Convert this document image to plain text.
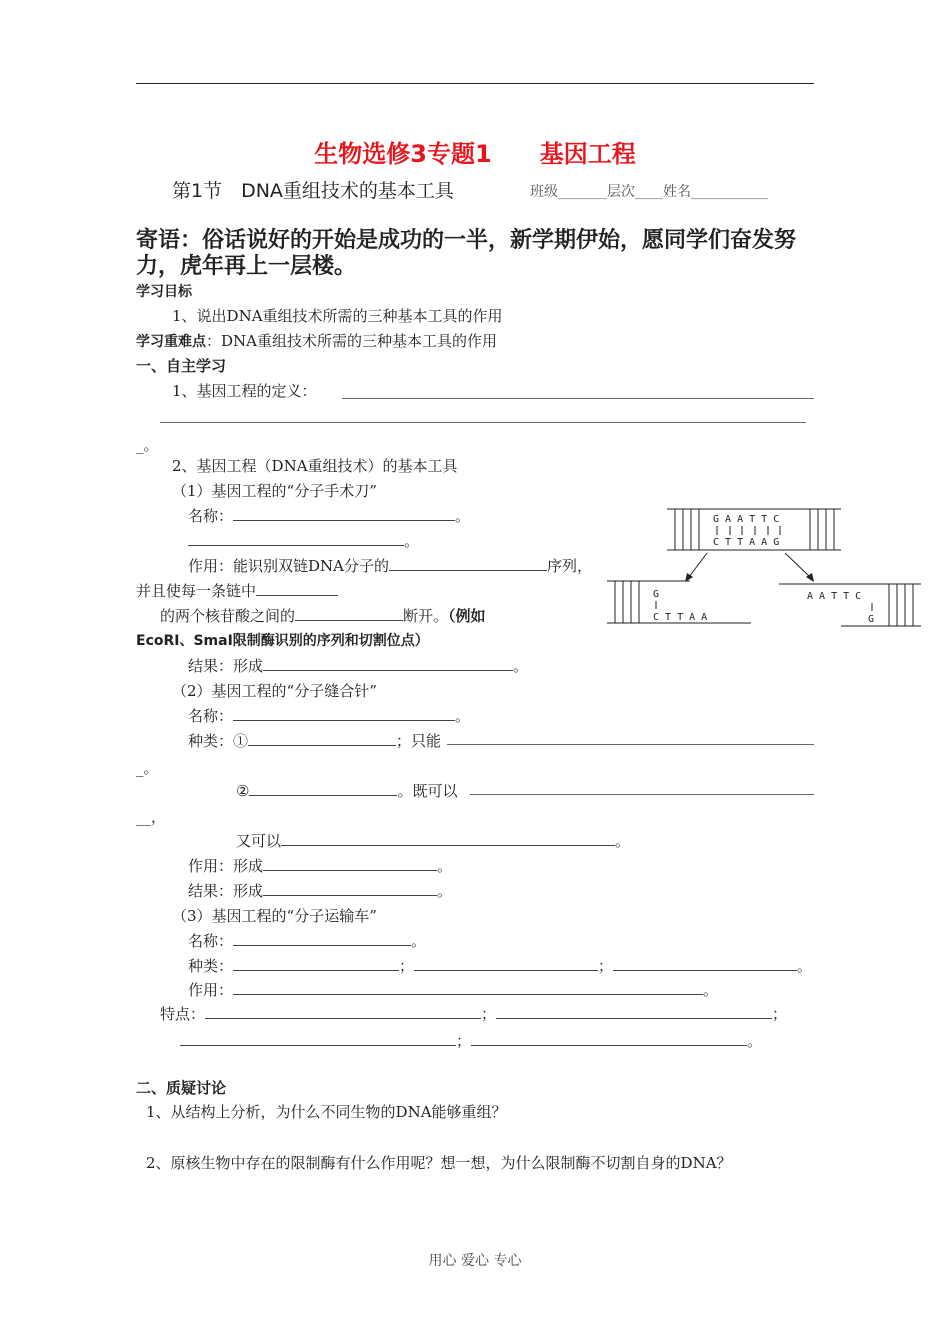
生物选修3专题1　　基因工程
第1节　DNA重组技术的基本工具	班级_______层次____姓名___________
寄语：俗话说好的开始是成功的一半，新学期伊始，愿同学们奋发努力，虎年再上一层楼。
学习目标
1、说出DNA重组技术所需的三种基本工具的作用
学习重难点：DNA重组技术所需的三种基本工具的作用
一、自主学习
1、基因工程的定义：
_。
2、基因工程（DNA重组技术）的基本工具
（1）基因工程的“分子手术刀”
名称：	。
。
作用：能识别双链DNA分子的	序列，
并且使每一条链中
的两个核苷酸之间的	断开。（例如
EcoRI、SmaI限制酶识别的序列和切割位点）
结果：形成	。
（2）基因工程的“分子缝合针”
名称：	。
种类：①	；只能
_。
②	。既可以
__，
又可以	。
作用：形成	。
结果：形成	。
（3）基因工程的“分子运输车”
名称：	。
种类：	；	；	。
作用：	。
特点：	；	；
；	。
二、质疑讨论
1、从结构上分析，为什么不同生物的DNA能够重组？
2、原核生物中存在的限制酶有什么作用呢？想一想，为什么限制酶不切割自身的DNA？
用心 爱心 专心
G A A T T C
C T T A A G
G
C T T A A
A A T T C
G
